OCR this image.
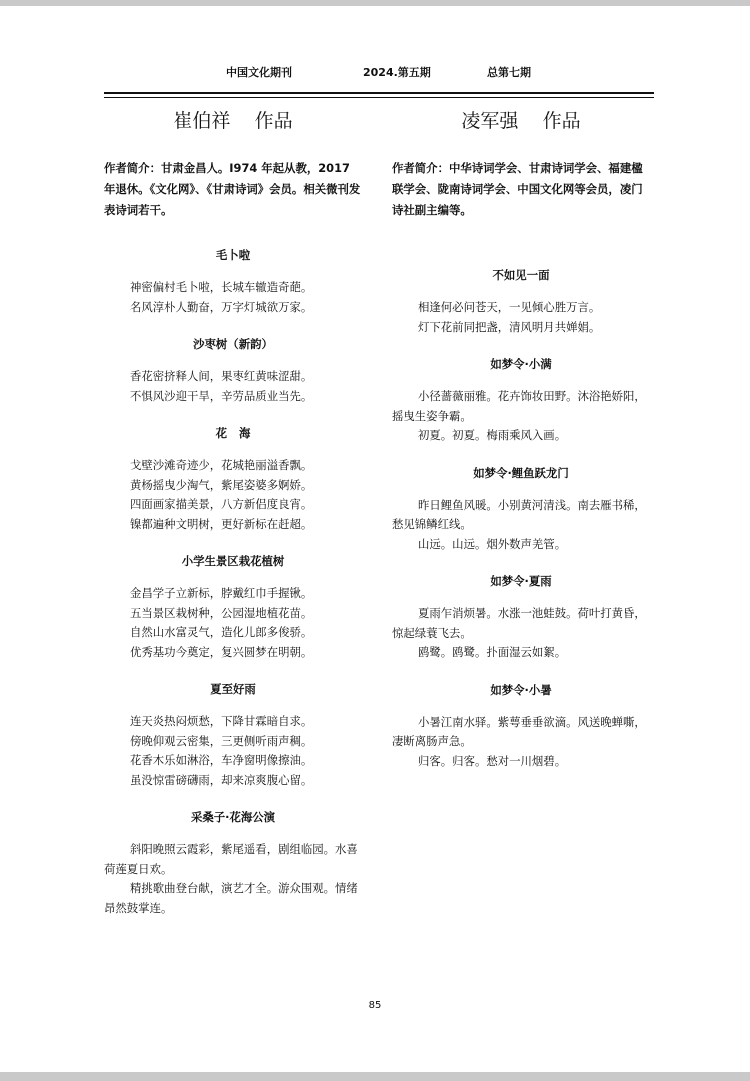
中国文化期刊	2024.第五期	总第七期
崔伯祥    作品
作者简介：甘肃金昌人。I974 年起从教，2017 年退休。《文化网》、《甘肃诗词》会员。相关微刊发表诗词若干。
毛卜啦
神密偏村毛卜啦，长城车辙造奇葩。
名风淳朴人勤奋，万字灯城欲万家。
沙枣树（新韵）
香花密挤释人间，果枣红黄味涩甜。
不惧风沙迎干旱，辛劳品质业当先。
花   海
戈壁沙滩奇迹少，花城艳丽溢香飘。
黄杨摇曳少淘气，紫尾姿婆多婀娇。
四面画家描美景，八方新侣度良宵。
镍都遍种文明树，更好新标在赶超。
小学生景区栽花植树
金昌学子立新标，脖戴红巾手握锹。
五当景区栽树种，公园湿地植花苗。
自然山水富灵气，造化儿郎多俊骄。
优秀基功今奠定，复兴圆梦在明朝。
夏至好雨
连天炎热闷烦愁，下降甘霖暗自求。
傍晚仰观云密集，三更侧听雨声稠。
花香木乐如淋浴，车净窗明像擦油。
虽没惊雷磅礴雨，却来凉爽腹心留。
采桑子·花海公演
斜阳晚照云霞彩，紫尾遥看，剧组临园。水喜荷莲夏日欢。
精挑歌曲登台献，演艺才全。游众围观。情绪昂然鼓掌连。
凌军强    作品
作者简介：中华诗词学会、甘肃诗词学会、福建楹联学会、陇南诗词学会、中国文化网等会员，凌门诗社副主编等。
不如见一面
相逢何必问苍天，一见倾心胜万言。
灯下花前同把盏，清风明月共婵娟。
如梦令·小满
小径蔷薇丽雅。花卉饰妆田野。沐浴艳娇阳，摇曳生姿争霸。
初夏。初夏。梅雨乘风入画。
如梦令·鲤鱼跃龙门
昨日鲤鱼风暖。小别黄河清浅。南去雁书稀，愁见锦鳞红线。
山远。山远。烟外数声羌管。
如梦令·夏雨
夏雨乍消烦暑。水涨一池蛙鼓。荷叶打黄昏，惊起绿蓑飞去。
鸥鹭。鸥鹭。扑面湿云如絮。
如梦令·小暑
小暑江南水驿。紫萼垂垂欲滴。风送晚蝉嘶，凄断离肠声急。
归客。归客。愁对一川烟碧。
85
